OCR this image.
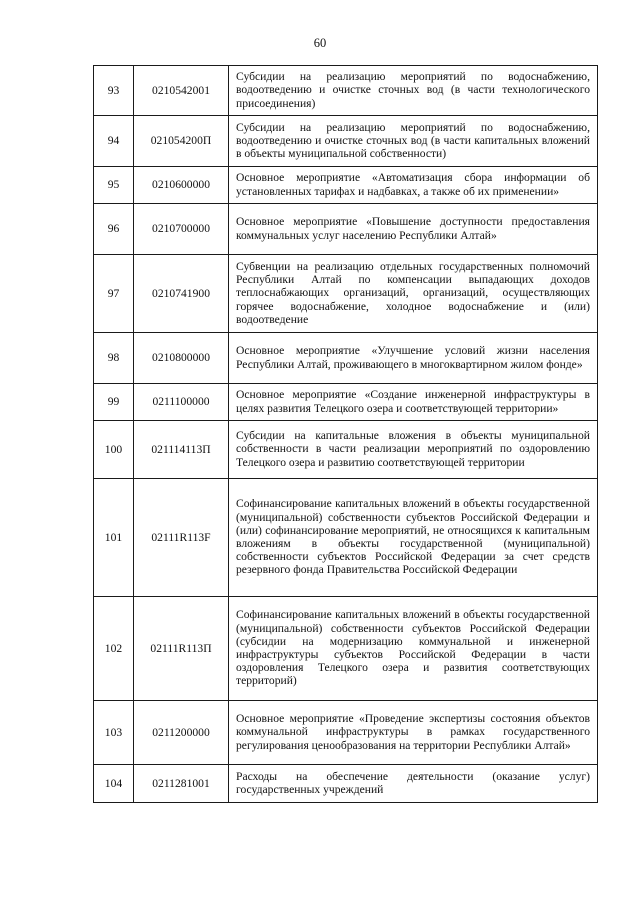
60
93	0210542001	Субсидии на реализацию мероприятий по водоснабжению, водоотведению и очистке сточных вод (в части технологического присоединения)
94	021054200П	Субсидии на реализацию мероприятий по водоснабжению, водоотведению и очистке сточных вод (в части капитальных вложений в объекты муниципальной собственности)
95	0210600000	Основное мероприятие «Автоматизация сбора информации об установленных тарифах и надбавках, а также об их применении»
96	0210700000	Основное мероприятие «Повышение доступности предоставления коммунальных услуг населению Республики Алтай»
97	0210741900	Субвенции на реализацию отдельных государственных полномочий Республики Алтай по компенсации выпадающих доходов теплоснабжающих организаций, организаций, осуществляющих горячее водоснабжение, холодное водоснабжение и (или) водоотведение
98	0210800000	Основное мероприятие «Улучшение условий жизни населения Республики Алтай, проживающего в многоквартирном жилом фонде»
99	0211100000	Основное мероприятие «Создание инженерной инфраструктуры в целях развития Телецкого озера и соответствующей территории»
100	021114113П	Субсидии на капитальные вложения в объекты муниципальной собственности в части реализации мероприятий по оздоровлению Телецкого озера и развитию соответствующей территории
101	02111R113F	Софинансирование капитальных вложений в объекты государственной (муниципальной) собственности субъектов Российской Федерации и (или) софинансирование мероприятий, не относящихся к капитальным вложениям в объекты государственной (муниципальной) собственности субъектов Российской Федерации за счет средств резервного фонда Правительства Российской Федерации
102	02111R113П	Софинансирование капитальных вложений в объекты государственной (муниципальной) собственности субъектов Российской Федерации (субсидии на модернизацию коммунальной и инженерной инфраструктуры субъектов Российской Федерации в части оздоровления Телецкого озера и развития соответствующих территорий)
103	0211200000	Основное мероприятие «Проведение экспертизы состояния объектов коммунальной инфраструктуры в рамках государственного регулирования ценообразования на территории Республики Алтай»
104	0211281001	Расходы на обеспечение деятельности (оказание услуг) государственных учреждений
